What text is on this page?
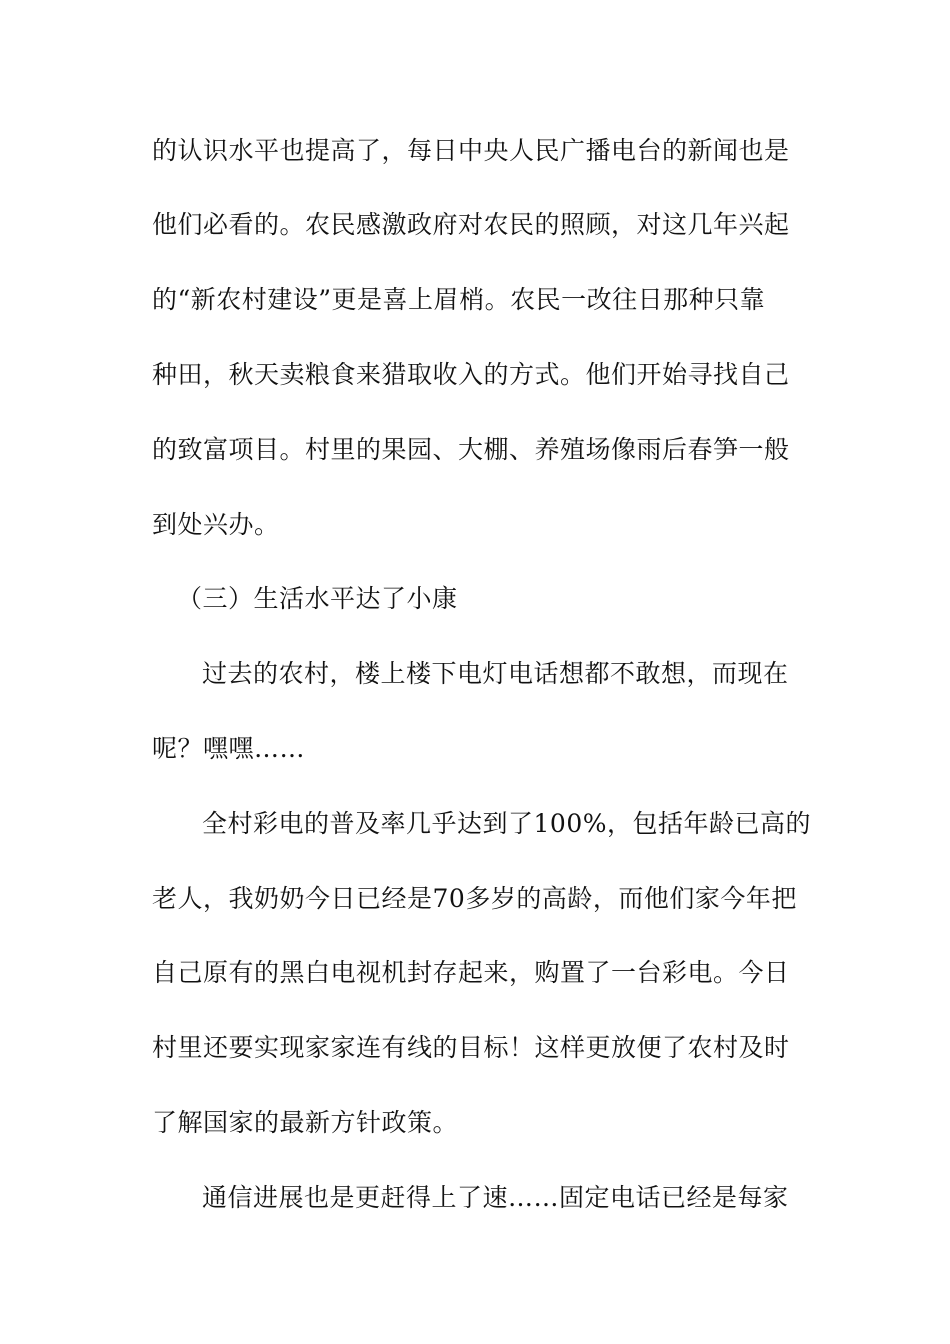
的认识水平也提高了，每日中央人民广播电台的新闻也是
他们必看的。农民感激政府对农民的照顾，对这几年兴起
的“新农村建设”更是喜上眉梢。农民一改往日那种只靠
种田，秋天卖粮食来猎取收入的方式。他们开始寻找自己
的致富项目。村里的果园、大棚、养殖场像雨后春笋一般
到处兴办。
（三）生活水平达了小康
过去的农村，楼上楼下电灯电话想都不敢想，而现在
呢？嘿嘿……
全村彩电的普及率几乎达到了100%，包括年龄已高的
老人，我奶奶今日已经是70多岁的高龄，而他们家今年把
自己原有的黑白电视机封存起来，购置了一台彩电。今日
村里还要实现家家连有线的目标！这样更放便了农村及时
了解国家的最新方针政策。
通信进展也是更赶得上了速……固定电话已经是每家
